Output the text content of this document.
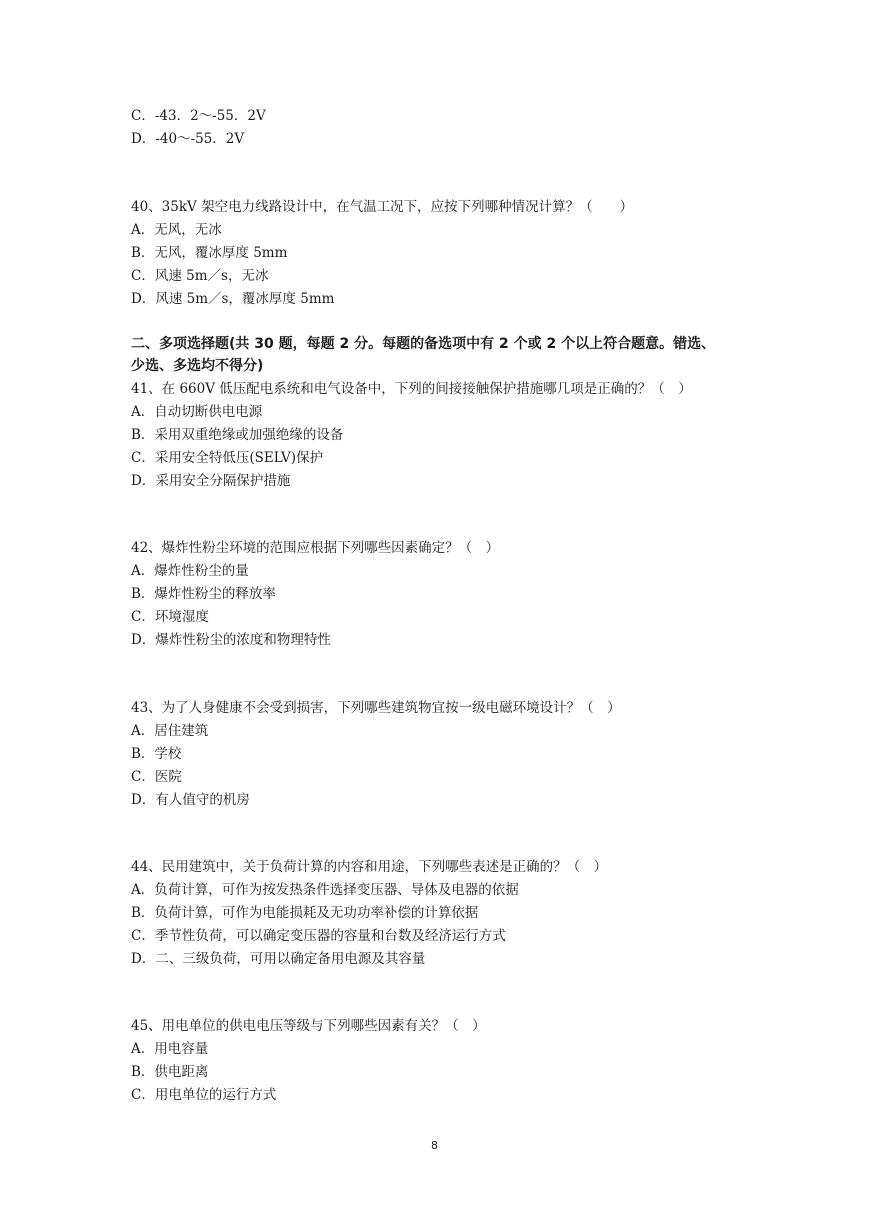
C．-43．2～-55．2V
D．-40～-55．2V
40、35kV 架空电力线路设计中，在气温工况下，应按下列哪种情况计算？（　　）
A．无风，无冰
B．无风，覆冰厚度 5mm
C．风速 5m／s，无冰
D．风速 5m／s，覆冰厚度 5mm
二、多项选择题(共 30 题，每题 2 分。每题的备选项中有 2 个或 2 个以上符合题意。错选、
少选、多选均不得分)
41、在 660V 低压配电系统和电气设备中，下列的间接接触保护措施哪几项是正确的？（　）
A．自动切断供电电源
B．采用双重绝缘或加强绝缘的设备
C．采用安全特低压(SELV)保护
D．采用安全分隔保护措施
42、爆炸性粉尘环境的范围应根据下列哪些因素确定？（　）
A．爆炸性粉尘的量
B．爆炸性粉尘的释放率
C．环境湿度
D．爆炸性粉尘的浓度和物理特性
43、为了人身健康不会受到损害，下列哪些建筑物宜按一级电磁环境设计？（　）
A．居住建筑
B．学校
C．医院
D．有人值守的机房
44、民用建筑中，关于负荷计算的内容和用途，下列哪些表述是正确的？（　）
A．负荷计算，可作为按发热条件选择变压器、导体及电器的依据
B．负荷计算，可作为电能损耗及无功功率补偿的计算依据
C．季节性负荷，可以确定变压器的容量和台数及经济运行方式
D．二、三级负荷，可用以确定备用电源及其容量
45、用电单位的供电电压等级与下列哪些因素有关？（　）
A．用电容量
B．供电距离
C．用电单位的运行方式
8
